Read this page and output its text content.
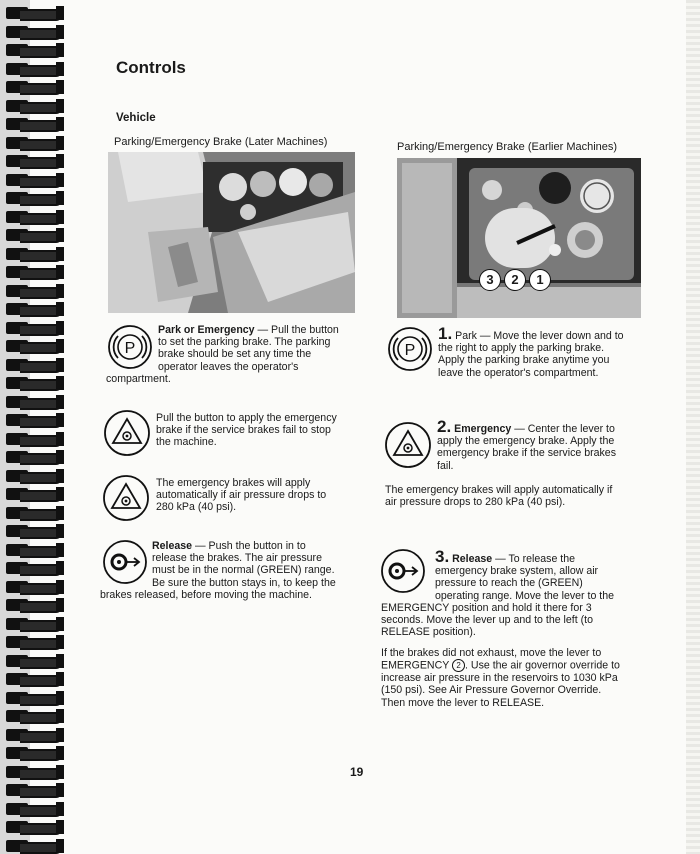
Controls
Vehicle
Parking/Emergency Brake (Later Machines)
P
Park or Emergency — Pull the button to set the parking brake. The parking brake should be set any time the operator leaves the operator's compartment.
Pull the button to apply the emergency brake if the service brakes fail to stop the machine.
The emergency brakes will apply automatically if air pressure drops to 280 kPa (40 psi).
Release — Push the button in to release the brakes. The air pressure must be in the normal (GREEN) range. Be sure the button stays in, to keep the brakes released, before moving the machine.
Parking/Emergency Brake (Earlier Machines)
3	2	1
P
1. Park — Move the lever down and to the right to apply the parking brake. Apply the parking brake anytime you leave the operator's compartment.
2. Emergency — Center the lever to apply the emergency brake. Apply the emergency brake if the service brakes fail.
The emergency brakes will apply automatically if air pressure drops to 280 kPa (40 psi).
3. Release — To release the emergency brake system, allow air pressure to reach the (GREEN) operating range. Move the lever to the EMERGENCY position and hold it there for 3 seconds. Move the lever up and to the left (to RELEASE position).
If the brakes did not exhaust, move the lever to EMERGENCY 2 . Use the air governor override to increase air pressure in the reservoirs to 1030 kPa (150 psi). See Air Pressure Governor Override. Then move the lever to RELEASE.
19
